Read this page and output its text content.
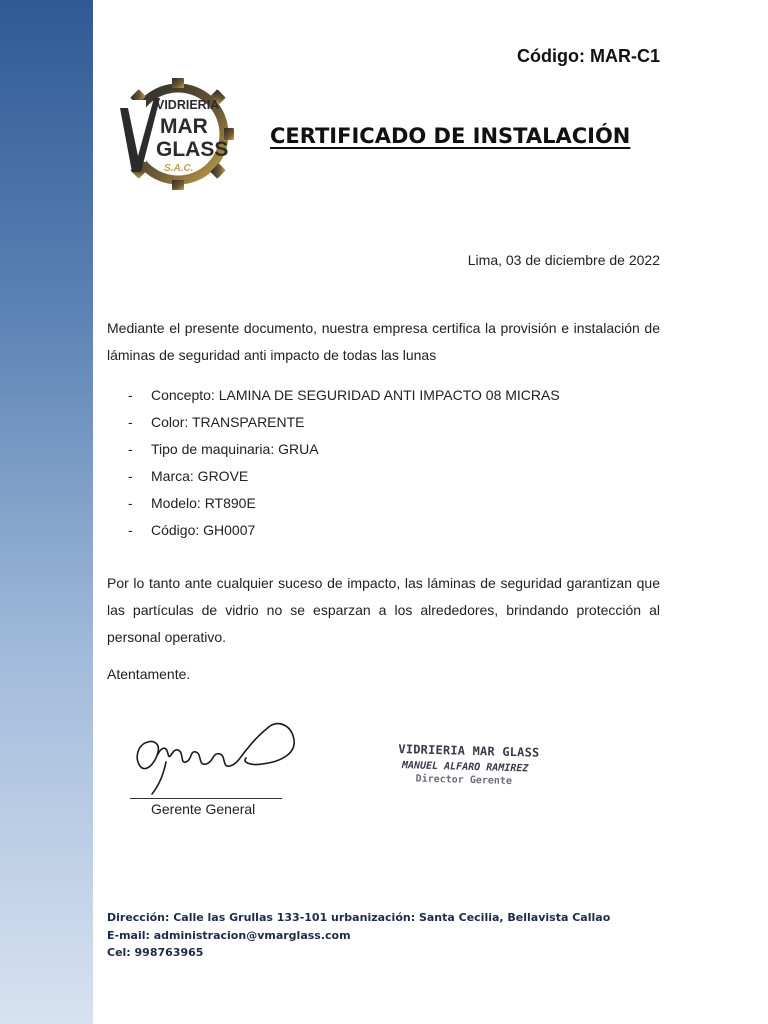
Código: MAR-C1
VIDRIERIA
MAR
GLASS
S.A.C.
CERTIFICADO DE INSTALACIÓN
Lima, 03 de diciembre de 2022
Mediante el presente documento, nuestra empresa certifica la provisión e instalación de láminas de seguridad anti impacto de todas las lunas
- Concepto: LAMINA DE SEGURIDAD ANTI IMPACTO 08 MICRAS
- Color: TRANSPARENTE
- Tipo de maquinaria: GRUA
- Marca: GROVE
- Modelo: RT890E
- Código: GH0007
Por lo tanto ante cualquier suceso de impacto, las láminas de seguridad garantizan que las partículas de vidrio no se esparzan a los alrededores, brindando protección al personal operativo.
Atentamente.
Gerente General
VIDRIERIA MAR GLASS
MANUEL ALFARO RAMIREZ
Director Gerente
Dirección: Calle las Grullas 133-101 urbanización: Santa Cecilia, Bellavista Callao
E-mail: administracion@vmarglass.com
Cel: 998763965
